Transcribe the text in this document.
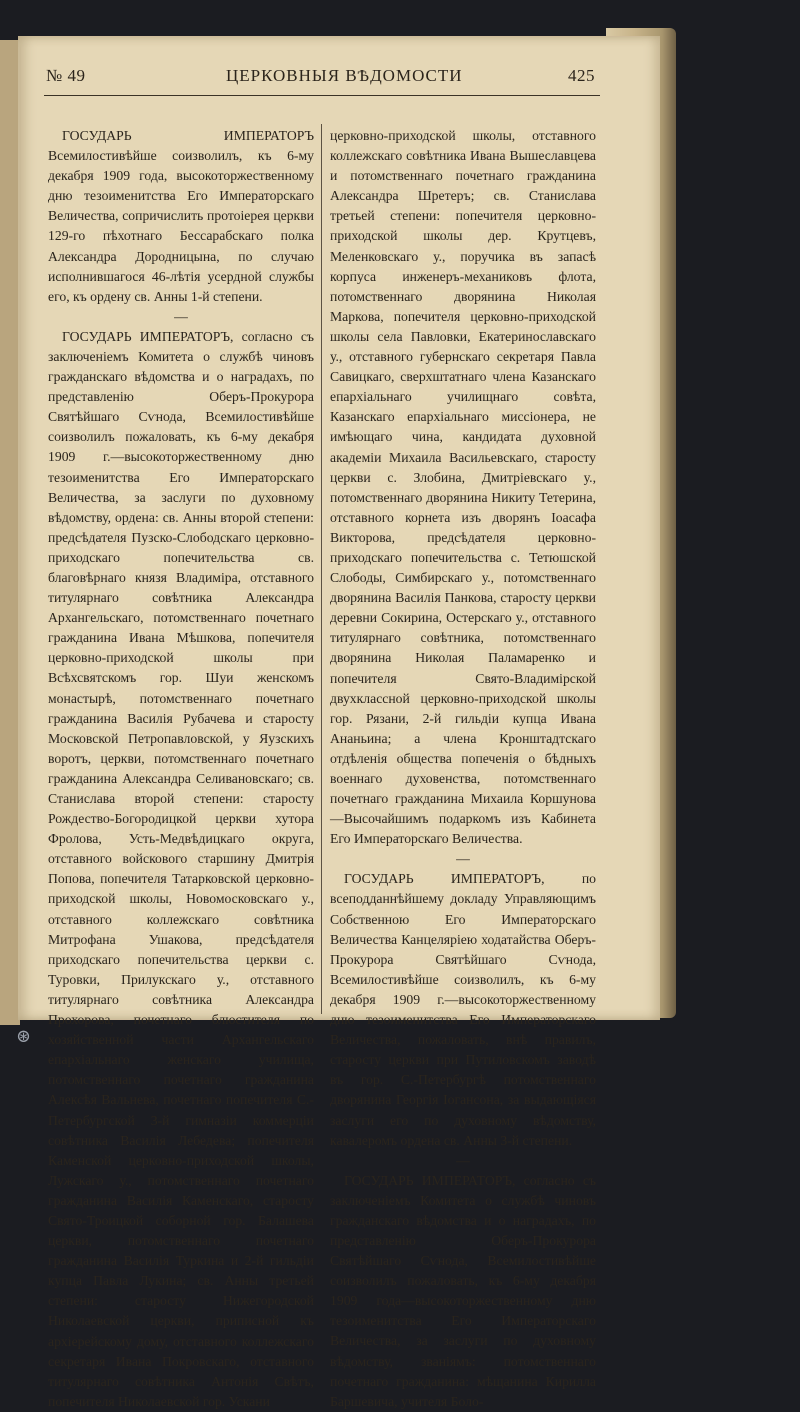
№ 49	ЦЕРКОВНЫЯ ВѢДОМОСТИ	425

ГОСУДАРЬ ИМПЕРАТОРЪ Всемилостивѣйше соизволилъ, къ 6-му декабря 1909 года, высокоторжественному дню тезоименитства Его Императорскаго Величества, сопричислить протоіерея церкви 129-го пѣхотнаго Бессарабскаго полка Александра Дородницына, по случаю исполнившагося 46-лѣтія усердной службы его, къ ордену св. Анны 1-й степени.

—

ГОСУДАРЬ ИМПЕРАТОРЪ, согласно съ заключеніемъ Комитета о службѣ чиновъ гражданскаго вѣдомства и о наградахъ, по представленію Оберъ-Прокурора Святѣйшаго Сѵнода, Всемилостивѣйше соизволилъ пожаловать, къ 6-му декабря 1909 г.—высокоторжественному дню тезоименитства Его Императорскаго Величества, за заслуги по духовному вѣдомству, ордена: св. Анны второй степени: предсѣдателя Пузско-Слободскаго церковно-приходскаго попечительства св. благовѣрнаго князя Владиміра, отставного титулярнаго совѣтника Александра Архангельскаго, потомственнаго почетнаго гражданина Ивана Мѣшкова, попечителя церковно-приходской школы при Всѣхсвятскомъ гор. Шуи женскомъ монастырѣ, потомственнаго почетнаго гражданина Василія Рубачева и старосту Московской Петропавловской, у Яузскихъ воротъ, церкви, потомственнаго почетнаго гражданина Александра Селивановскаго; св. Станислава второй степени: старосту Рождество-Богородицкой церкви хутора Фролова, Усть-Медвѣдицкаго округа, отставного войскового старшину Дмитрія Попова, попечителя Татарковской церковно-приходской школы, Новомосковскаго у., отставного коллежскаго совѣтника Митрофана Ушакова, предсѣдателя приходскаго попечительства церкви с. Туровки, Прилукскаго у., отставного титулярнаго совѣтника Александра Прохорова, почетнаго блюстителя по хозяйственной части Архангельскаго епархіальнаго женскаго училища, потомственнаго почетнаго гражданина Алексѣя Вальнева, почетнаго попечителя С.-Петербургской 3-й гимназіи коммерціи совѣтника Василія Лебедева; попечителя Каменской церковно-приходской школы, Лужскаго у., потомственнаго почетнаго гражданина Василія Каменскаго, старосту Свято-Троицкой соборной гор. Балашева церкви, потомственнаго почетнаго гражданина Василія Туркина и 2-й гильдіи купца Павла Лукина; св. Анны третьей степени: старосту Нижегородской Николаевской церкви, приписной къ архіерейскому дому, отставного коллежскаго секретаря Ивана Покровскаго, отставного титулярнаго совѣтника Антонія Свѣтъ, попечителя Николаевской гор. Ускани

церковно-приходской школы, отставного коллежскаго совѣтника Ивана Вышеславцева и потомственнаго почетнаго гражданина Александра Шретеръ; св. Станислава третьей степени: попечителя церковно-приходской школы дер. Крутцевъ, Меленковскаго у., поручика въ запасѣ корпуса инженеръ-механиковъ флота, потомственнаго дворянина Николая Маркова, попечителя церковно-приходской школы села Павловки, Екатеринославскаго у., отставного губернскаго секретаря Павла Савицкаго, сверхштатнаго члена Казанскаго епархіальнаго училищнаго совѣта, Казанскаго епархіальнаго миссіонера, не имѣющаго чина, кандидата духовной академіи Михаила Васильевскаго, старосту церкви с. Злобина, Дмитріевскаго у., потомственнаго дворянина Никиту Тетерина, отставного корнета изъ дворянъ Іоасафа Викторова, предсѣдателя церковно-приходскаго попечительства с. Тетюшской Слободы, Симбирскаго у., потомственнаго дворянина Василія Панкова, старосту церкви деревни Сокирина, Остерскаго у., отставного титулярнаго совѣтника, потомственнаго дворянина Николая Паламаренко и попечителя Свято-Владимірской двухклассной церковно-приходской школы гор. Рязани, 2-й гильдіи купца Ивана Ананьина; а члена Кронштадтскаго отдѣленія общества попеченія о бѣдныхъ военнаго духовенства, потомственнаго почетнаго гражданина Михаила Коршунова—Высочайшимъ подаркомъ изъ Кабинета Его Императорскаго Величества.

—

ГОСУДАРЬ ИМПЕРАТОРЪ, по всеподданнѣйшему докладу Управляющимъ Собственною Его Императорскаго Величества Канцеляріею ходатайства Оберъ-Прокурора Святѣйшаго Сѵнода, Всемилостивѣйше соизволилъ, къ 6-му декабря 1909 г.—высокоторжественному дню тезоименитства Его Императорскаго Величества, пожаловать, внѣ правилъ, старосту церкви при Путиловскомъ заводѣ въ гор. С.-Петербургѣ потомственнаго дворянина Георгія Іогансона, за выдающіяся заслуги его по духовному вѣдомству, кавалеромъ ордена св. Анны 3-й степени.

—

ГОСУДАРЬ ИМПЕРАТОРЪ, согласно съ заключеніемъ Комитета о службѣ чиновъ гражданскаго вѣдомства и о наградахъ, по представленію Оберъ-Прокурора Святѣйшаго Сѵнода, Всемилостивѣйше соизволилъ пожаловать, къ 6-му декабря 1909 года—высокоторжественному дню тезоименитства Его Императорскаго Величества, за заслуги по духовному вѣдомству, званіямъ: потомственнаго почетнаго гражданина: мѣщанина Кирилла Баршевича, учителя Боло-

⊛
